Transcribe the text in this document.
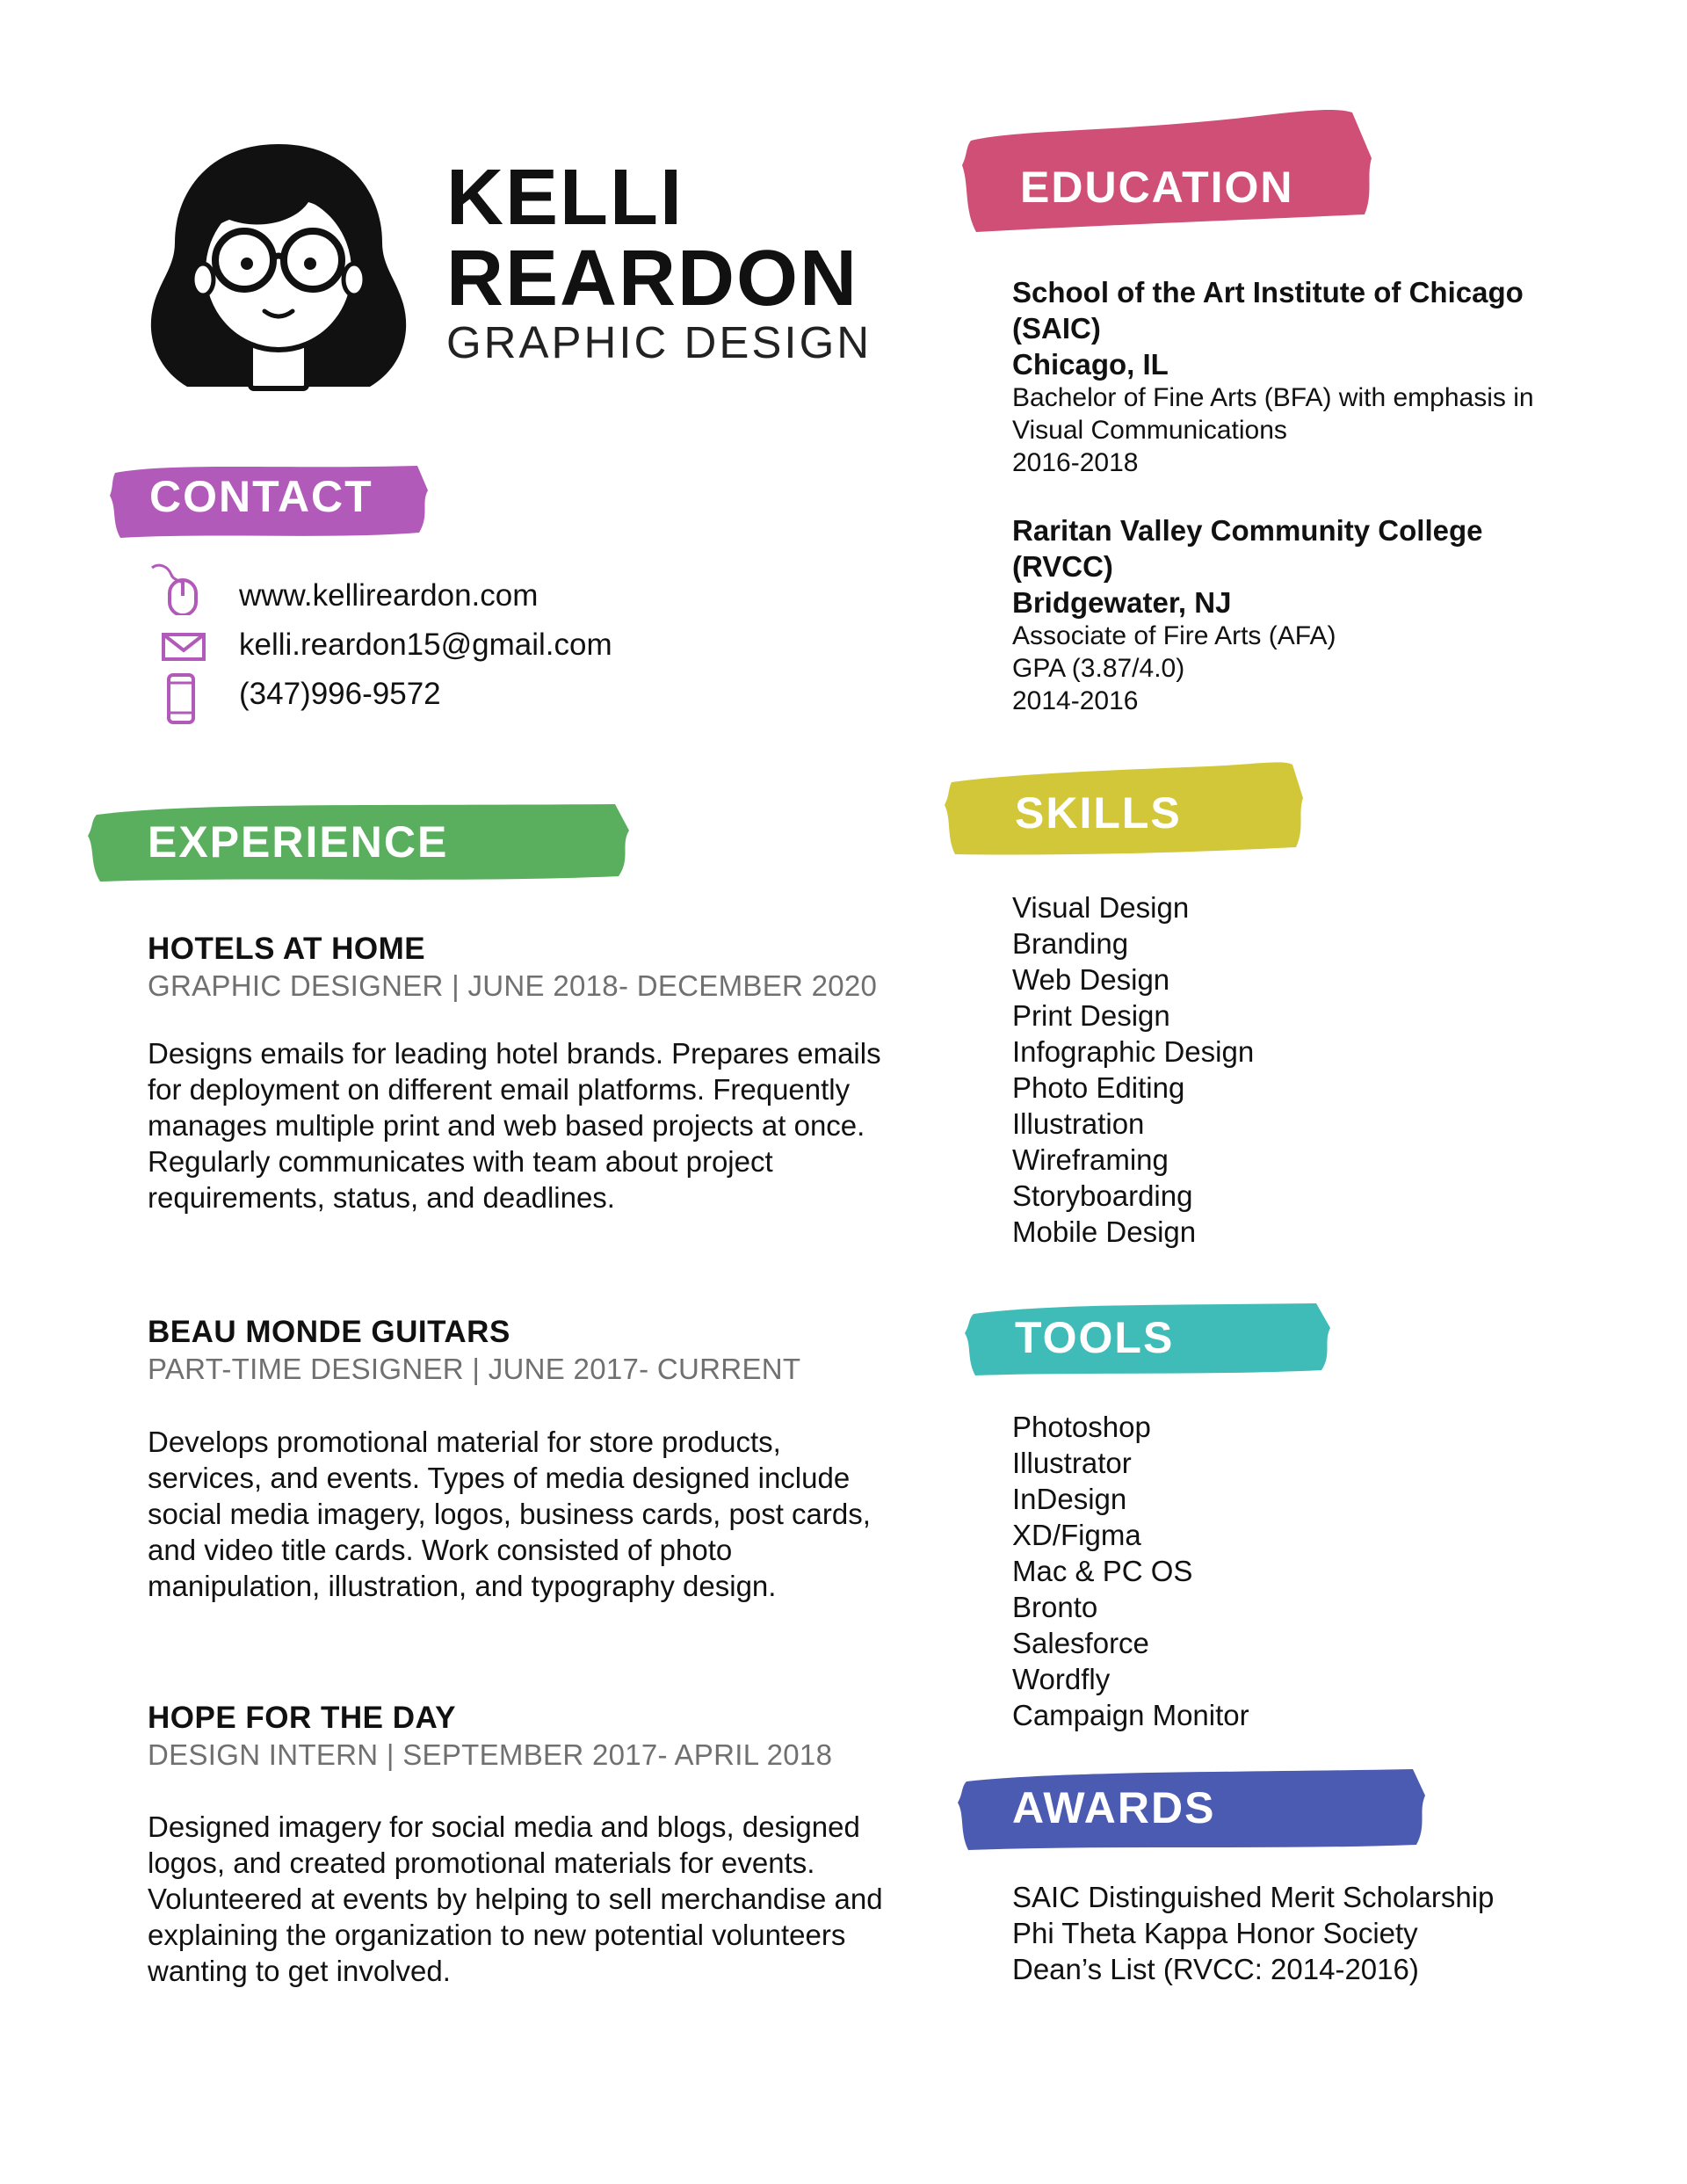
KELLI
REARDON
GRAPHIC DESIGN
CONTACT
www.kellireardon.com
kelli.reardon15@gmail.com
(347)996-9572
EXPERIENCE
HOTELS AT HOME
GRAPHIC DESIGNER | JUNE 2018- DECEMBER 2020

Designs emails for leading hotel brands. Prepares emails for deployment on different email platforms. Frequently manages multiple print and web based projects at once. Regularly communicates with team about project requirements, status, and deadlines.

BEAU MONDE GUITARS
PART-TIME DESIGNER | JUNE 2017- CURRENT

Develops promotional material for store products, services, and events. Types of media designed include social media imagery, logos, business cards, post cards, and video title cards. Work consisted of photo manipulation, illustration, and typography design.

HOPE FOR THE DAY
DESIGN INTERN | SEPTEMBER 2017- APRIL 2018

Designed imagery for social media and blogs, designed logos, and created promotional materials for events. Volunteered at events by helping to sell merchandise and explaining the organization to new potential volunteers wanting to get involved.

EDUCATION
School of the Art Institute of Chicago (SAIC)
Chicago, IL
Bachelor of Fine Arts (BFA) with emphasis in Visual Communications
2016-2018
Raritan Valley Community College (RVCC)
Bridgewater, NJ
Associate of Fire Arts (AFA)
GPA (3.87/4.0)
2014-2016
SKILLS
Visual Design
Branding
Web Design
Print Design
Infographic Design
Photo Editing
Illustration
Wireframing
Storyboarding
Mobile Design
TOOLS
Photoshop
Illustrator
InDesign
XD/Figma
Mac & PC OS
Bronto
Salesforce
Wordfly
Campaign Monitor
AWARDS
SAIC Distinguished Merit Scholarship
Phi Theta Kappa Honor Society
Dean’s List (RVCC: 2014-2016)
